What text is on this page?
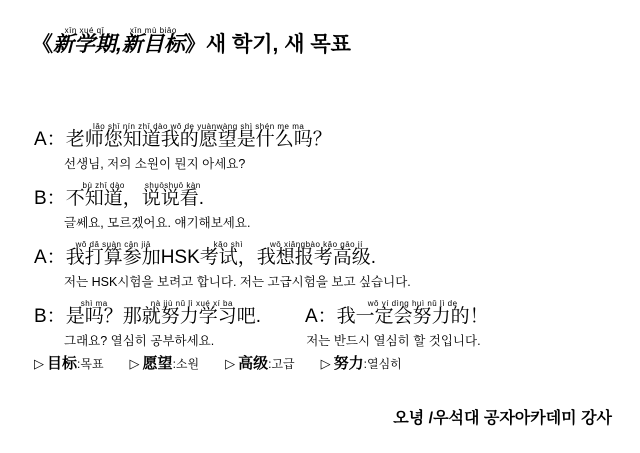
《
xīn xué qī
新学期 ,
xīn mù biāo
新目标 》새 학기, 새 목표
A：
lǎo shī nín zhī dào wǒ de yuànwàng shì shén me ma
老师您知道我的愿望是什么吗？
선생님, 저의 소원이 뭔지 아세요?
B：
bù zhī dào
不知道，
shuōshuō kàn
说说看.
글쎄요, 모르겠어요. 얘기해보세요.
A：
wǒ dǎ suàn cān jiā
我打算参加 HSK
kǎo shì
考试，
wǒ xiǎngbào kǎo gāo jí
我想报考高级.
저는 HSK시험을 보려고 합니다. 저는 고급시험을 보고 싶습니다.
B：
shì ma
是吗？
nà jiù nǔ lì xué xí ba
那就努力学习吧. A：
wǒ yí dìng huì nǔ lì de
我一定会努力的！
그래요? 열심히 공부하세요.	저는 반드시 열심히 할 것입니다.
▷ 目标:목표 ▷ 愿望:소원 ▷ 高级:고급 ▷ 努力:열심히
오녕 /우석대 공자아카데미 강사
